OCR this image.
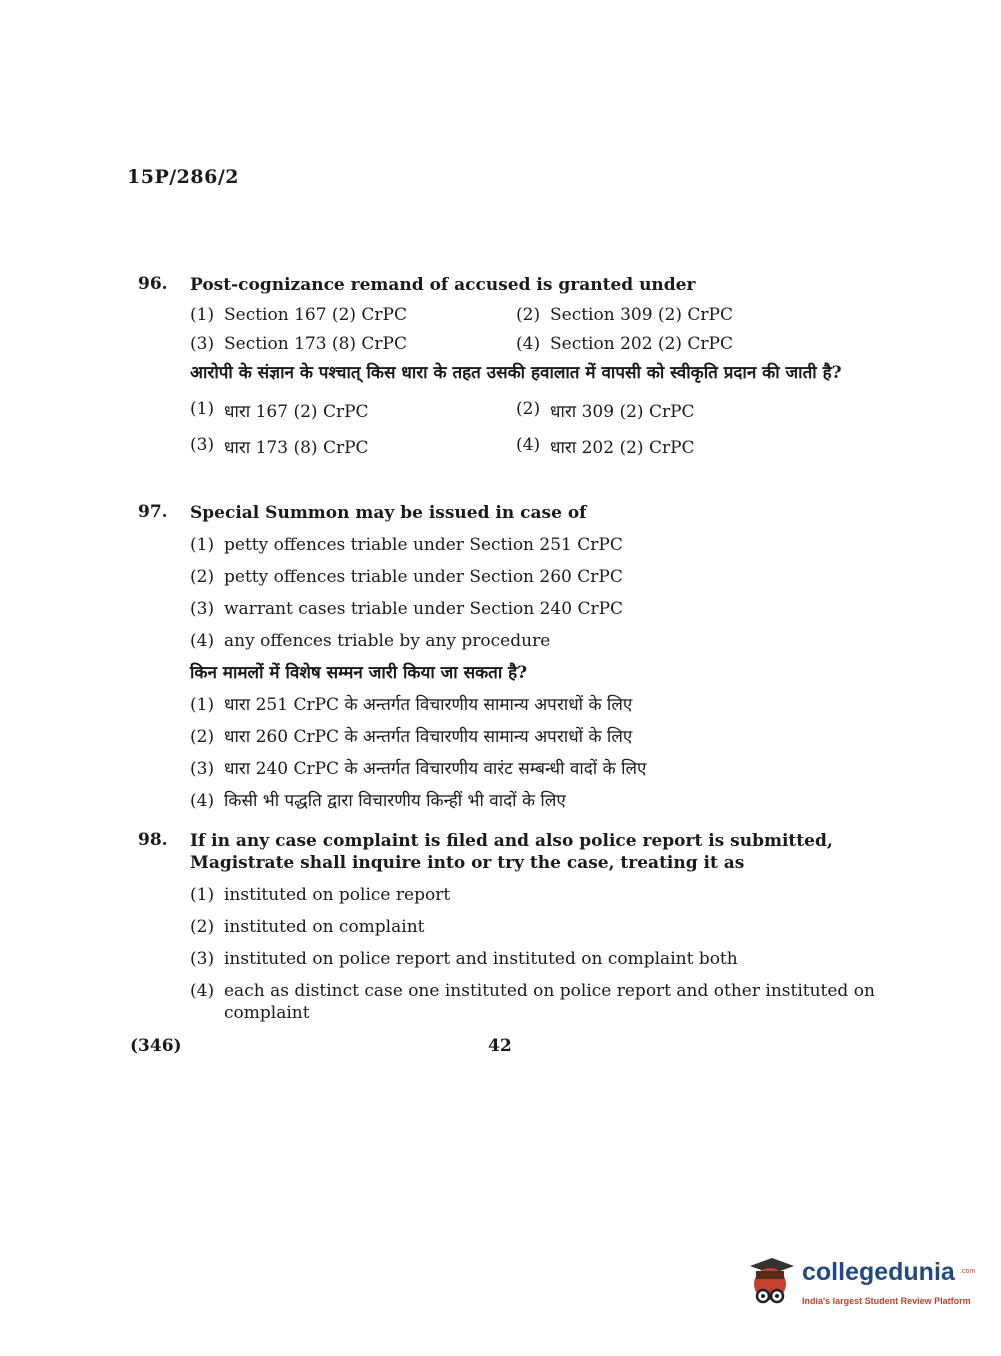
15P/286/2
96.	Post-cognizance remand of accused is granted under
(1) Section 167 (2) CrPC	(2) Section 309 (2) CrPC
(3) Section 173 (8) CrPC	(4) Section 202 (2) CrPC
आरोपी के संज्ञान के पश्चात् किस धारा के तहत उसकी हवालात में वापसी को स्वीकृति प्रदान की जाती है?
(1) धारा 167 (2) CrPC	(2) धारा 309 (2) CrPC
(3) धारा 173 (8) CrPC	(4) धारा 202 (2) CrPC
97.	Special Summon may be issued in case of
(1) petty offences triable under Section 251 CrPC
(2) petty offences triable under Section 260 CrPC
(3) warrant cases triable under Section 240 CrPC
(4) any offences triable by any procedure
किन मामलों में विशेष सम्मन जारी किया जा सकता है?
(1) धारा 251 CrPC के अन्तर्गत विचारणीय सामान्य अपराधों के लिए
(2) धारा 260 CrPC के अन्तर्गत विचारणीय सामान्य अपराधों के लिए
(3) धारा 240 CrPC के अन्तर्गत विचारणीय वारंट सम्बन्धी वादों के लिए
(4) किसी भी पद्धति द्वारा विचारणीय किन्हीं भी वादों के लिए
98.	If in any case complaint is filed and also police report is submitted, Magistrate shall inquire into or try the case, treating it as
(1) instituted on police report
(2) instituted on complaint
(3) instituted on police report and instituted on complaint both
(4) each as distinct case one instituted on police report and other instituted on complaint
(346)	42
collegedunia .com
India's largest Student Review Platform
